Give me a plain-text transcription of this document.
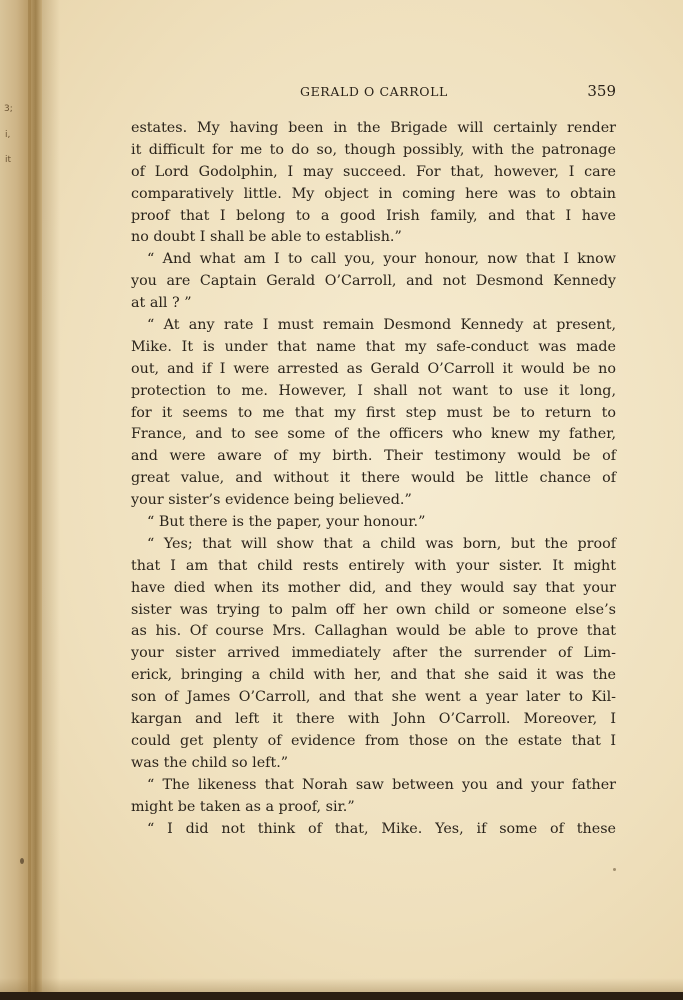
3;
i,
it
GERALD O CARROLL	359
estates. My having been in the Brigade will certainly render
it difficult for me to do so, though possibly, with the patronage
of Lord Godolphin, I may succeed. For that, however, I care
comparatively little. My object in coming here was to obtain
proof that I belong to a good Irish family, and that I have
no doubt I shall be able to establish.”
“ And what am I to call you, your honour, now that I know
you are Captain Gerald O’Carroll, and not Desmond Kennedy
at all ? ”
“ At any rate I must remain Desmond Kennedy at present,
Mike. It is under that name that my safe-conduct was made
out, and if I were arrested as Gerald O’Carroll it would be no
protection to me. However, I shall not want to use it long,
for it seems to me that my first step must be to return to
France, and to see some of the officers who knew my father,
and were aware of my birth. Their testimony would be of
great value, and without it there would be little chance of
your sister’s evidence being believed.”
“ But there is the paper, your honour.”
“ Yes; that will show that a child was born, but the proof
that I am that child rests entirely with your sister. It might
have died when its mother did, and they would say that your
sister was trying to palm off her own child or someone else’s
as his. Of course Mrs. Callaghan would be able to prove that
your sister arrived immediately after the surrender of Lim-
erick, bringing a child with her, and that she said it was the
son of James O’Carroll, and that she went a year later to Kil-
kargan and left it there with John O’Carroll. Moreover, I
could get plenty of evidence from those on the estate that I
was the child so left.”
“ The likeness that Norah saw between you and your father
might be taken as a proof, sir.”
“ I did not think of that, Mike. Yes, if some of these
